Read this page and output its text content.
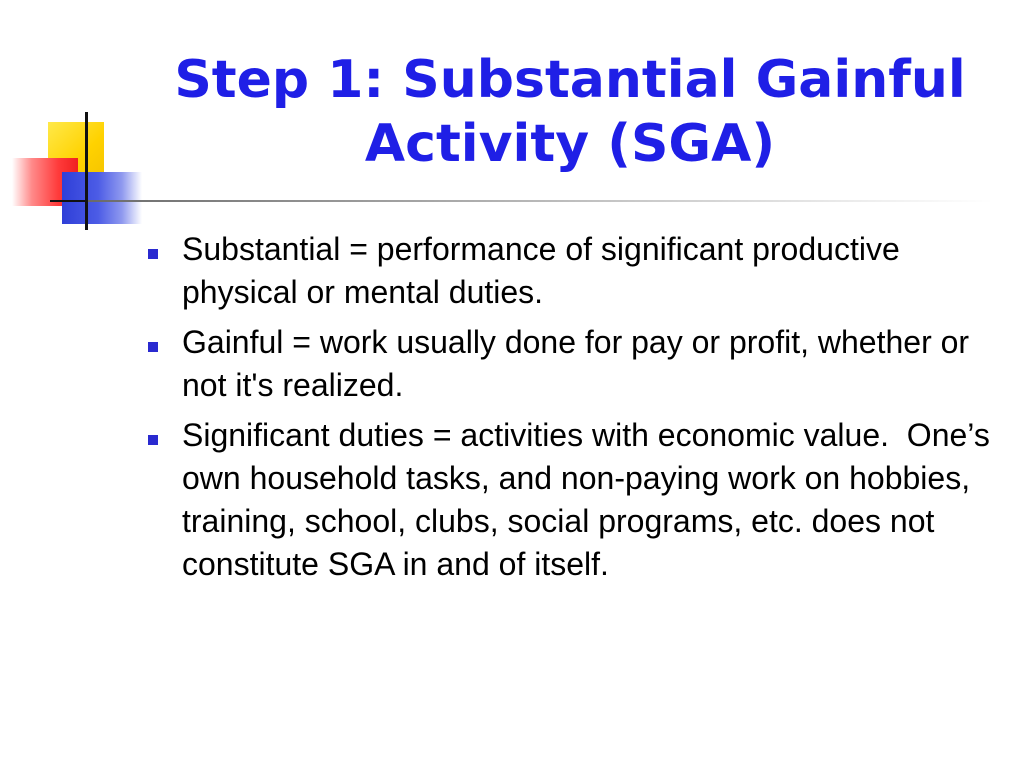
Step 1: Substantial Gainful Activity (SGA)
Substantial = performance of significant productive physical or mental duties.
Gainful = work usually done for pay or profit, whether or not it's realized.
Significant duties = activities with economic value.  One’s own household tasks, and non-paying work on hobbies, training, school, clubs, social programs, etc. does not constitute SGA in and of itself.
